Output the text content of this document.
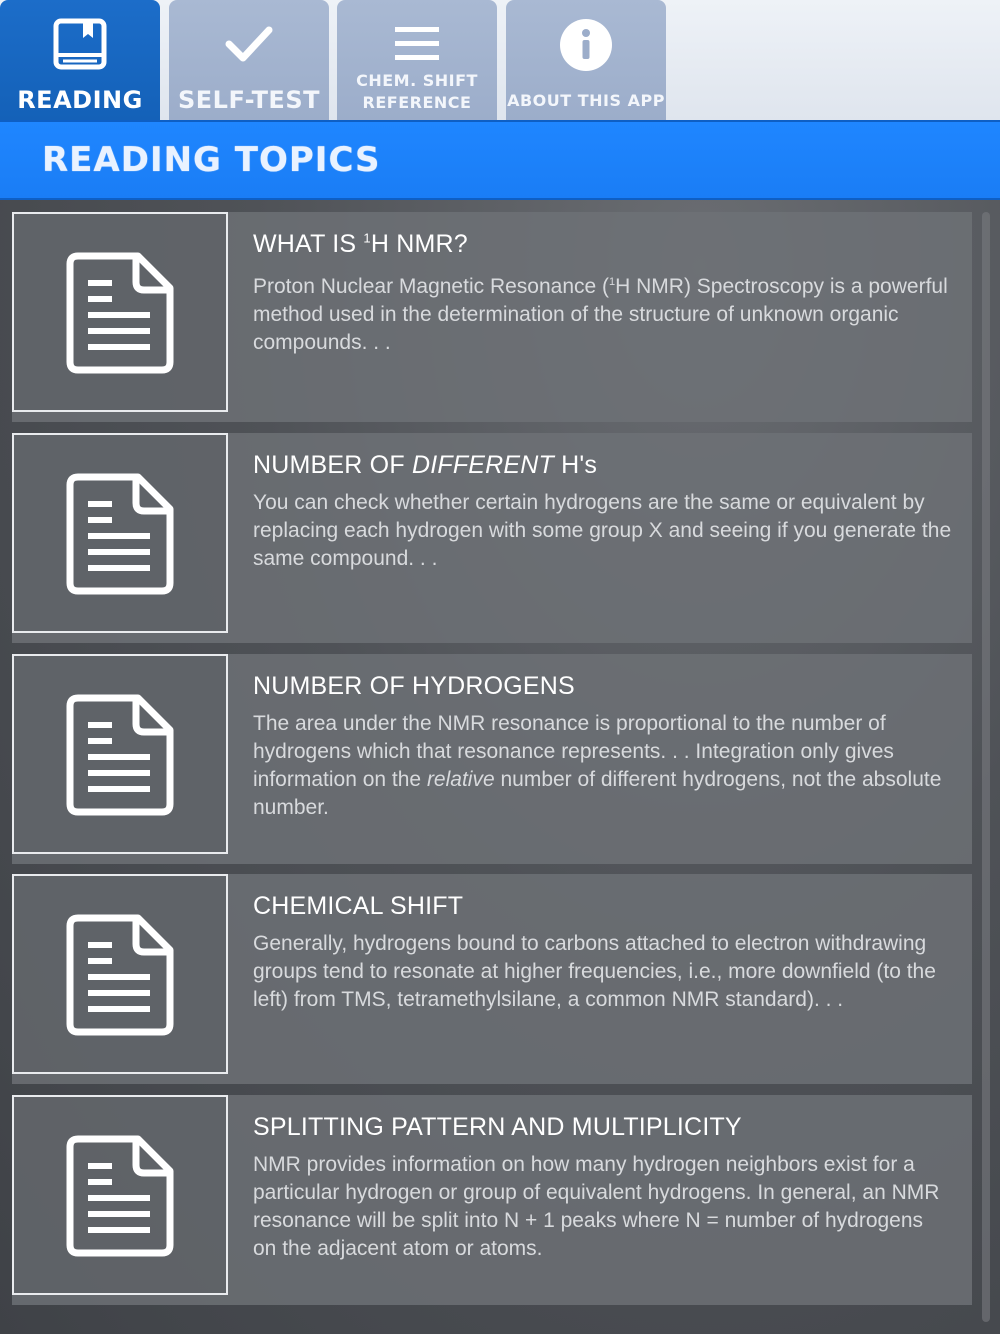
READING	SELF-TEST
CHEM. SHIFT
REFERENCE	ABOUT THIS APP
READING TOPICS
WHAT IS $^1$H NMR?
Proton Nuclear Magnetic Resonance ($^1$H NMR) Spectroscopy is a powerful method used in the determination of the structure of unknown organic compounds. . .
NUMBER OF DIFFERENT H's
You can check whether certain hydrogens are the same or equivalent by replacing each hydrogen with some group X and seeing if you generate the same compound. . .
NUMBER OF HYDROGENS
The area under the NMR resonance is proportional to the number of hydrogens which that resonance represents. . . Integration only gives information on the relative number of different hydrogens, not the absolute number.
CHEMICAL SHIFT
Generally, hydrogens bound to carbons attached to electron withdrawing groups tend to resonate at higher frequencies, i.e., more downfield (to the left) from TMS, tetramethylsilane, a common NMR standard). . .
SPLITTING PATTERN AND MULTIPLICITY
NMR provides information on how many hydrogen neighbors exist for a particular hydrogen or group of equivalent hydrogens. In general, an NMR resonance will be split into N + 1 peaks where N = number of hydrogens on the adjacent atom or atoms.
